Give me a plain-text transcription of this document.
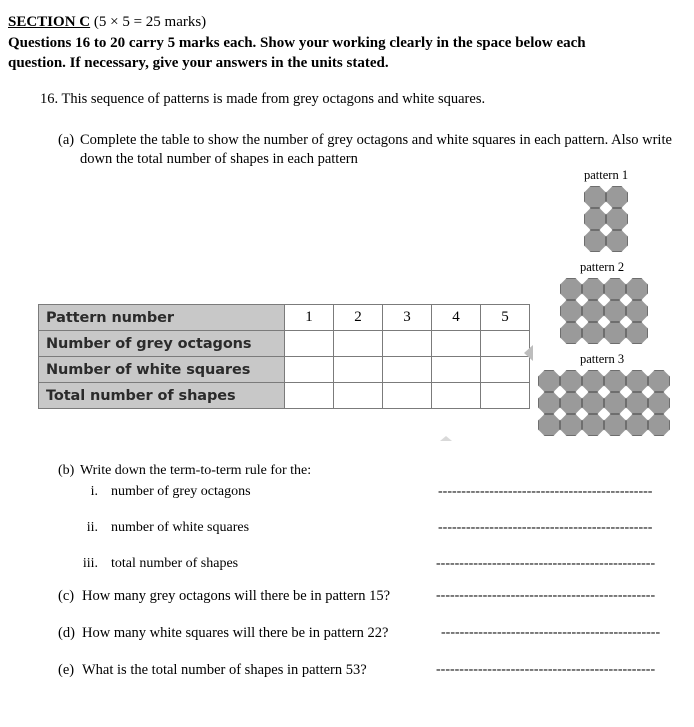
SECTION C (5 × 5 = 25 marks)
Questions 16 to 20 carry 5 marks each. Show your working clearly in the space below each question. If necessary, give your answers in the units stated.
16. This sequence of patterns is made from grey octagons and white squares.
(a) Complete the table to show the number of grey octagons and white squares in each pattern. Also write down the total number of shapes in each pattern
pattern 1
pattern 2
pattern 3
Pattern number	1	2	3	4	5
Number of grey octagons					
Number of white squares					
Total number of shapes					
(b) Write down the term-to-term rule for the:
i. number of grey octagons	----------------------------------------------
ii. number of white squares	----------------------------------------------
iii. total number of shapes	-----------------------------------------------
(c) How many grey octagons will there be in pattern 15?	-----------------------------------------------
(d) How many white squares will there be in pattern 22?	-----------------------------------------------
(e) What is the total number of shapes in pattern 53?	-----------------------------------------------
